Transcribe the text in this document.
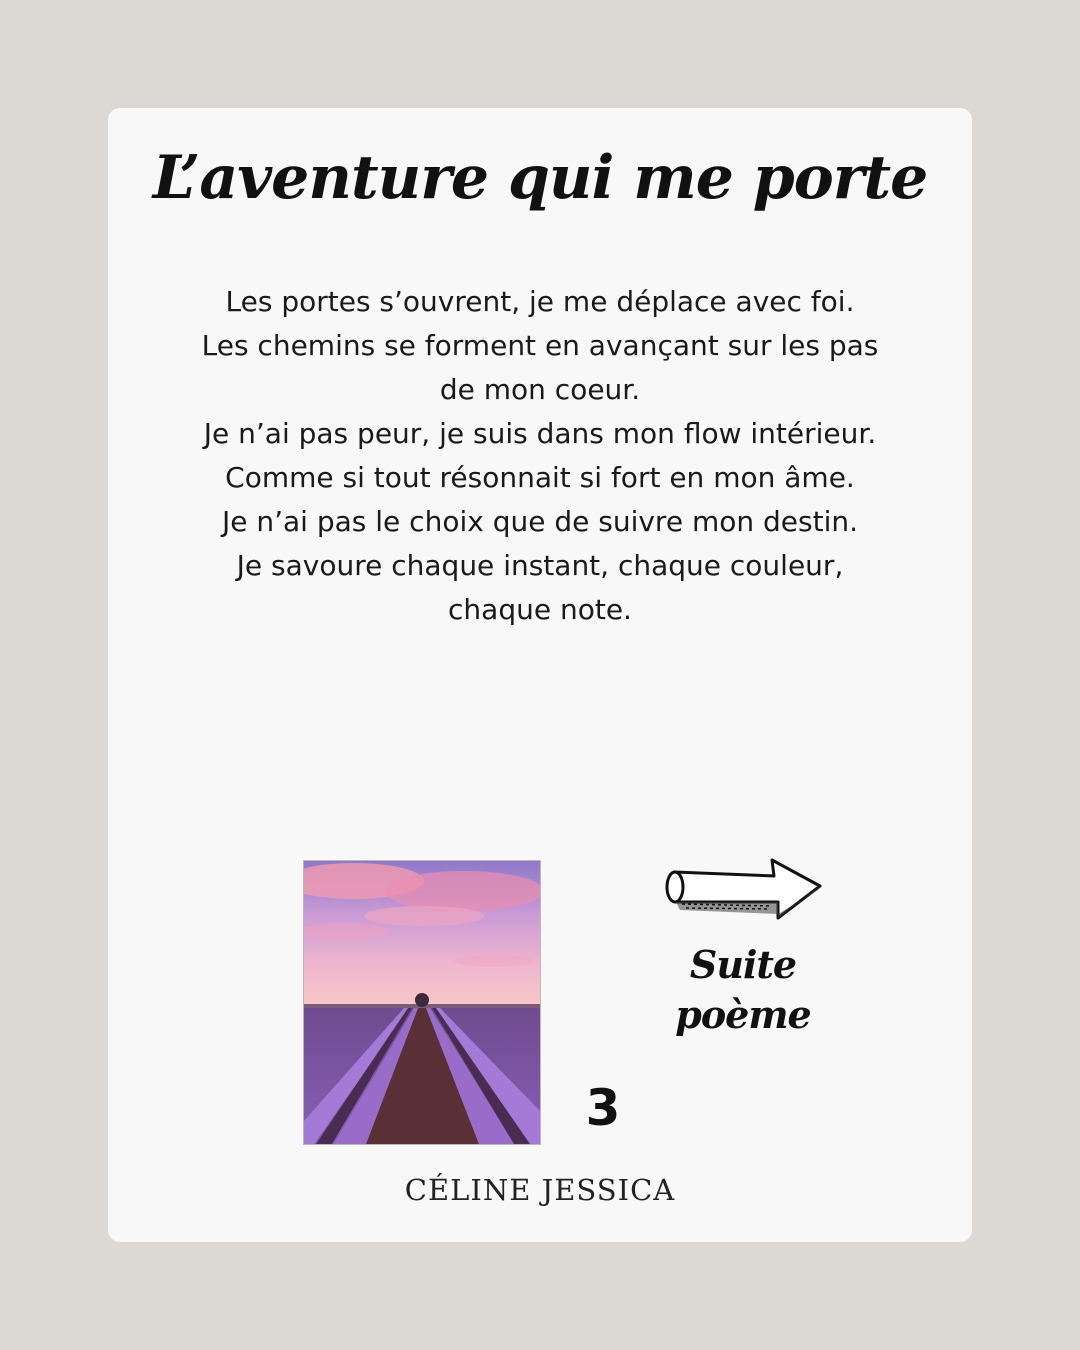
L’aventure qui me porte
Les portes s’ouvrent, je me déplace avec foi.
Les chemins se forment en avançant sur les pas de mon coeur.
Je n’ai pas peur, je suis dans mon flow intérieur.
Comme si tout résonnait si fort en mon âme.
Je n’ai pas le choix que de suivre mon destin.
Je savoure chaque instant, chaque couleur, chaque note.
Suite poème
3
CÉLINE JESSICA
